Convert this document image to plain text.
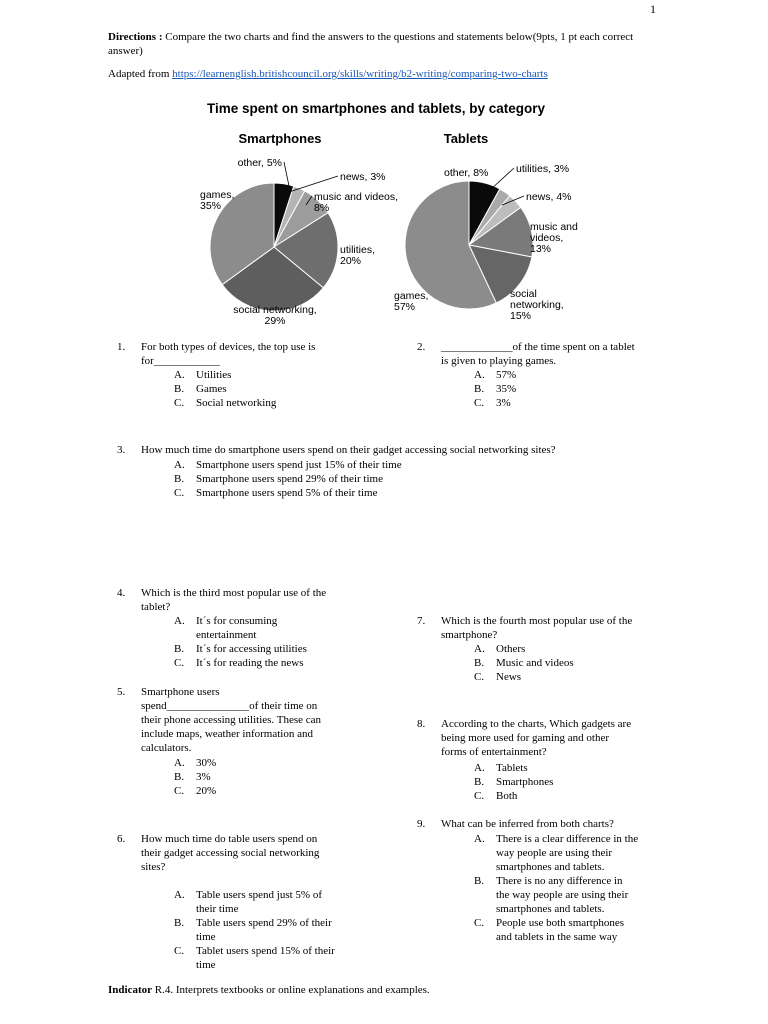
1
Directions : Compare the two charts and find the answers to the questions and statements below(9pts, 1 pt each correct answer)
Adapted from https://learnenglish.britishcouncil.org/skills/writing/b2-writing/comparing-two-charts
Time spent on smartphones and tablets, by category
Smartphones	Tablets
other, 5%
news, 3%
music and videos, 8%
utilities, 20%
social networking, 29%
games, 35%
other, 8%	utilities, 3%
news, 4%
music and videos, 13%
social networking, 15%
games, 57%
1. For both types of devices, the top use is
for____________
A. Utilities
B. Games
C. Social networking
2. _____________of the time spent on a tablet
is given to playing games.
A. 57%
B. 35%
C. 3%
3. How much time do smartphone users spend on their gadget accessing social networking sites?
A. Smartphone users spend just 15% of their time
B. Smartphone users spend 29% of their time
C. Smartphone users spend 5% of their time
4. Which is the third most popular use of the
tablet?
A. It´s for consuming
entertainment
B. It´s for accessing utilities
C. It´s for reading the news
5. Smartphone users
spend_______________of their time on
their phone accessing utilities. These can
include maps, weather information and
calculators.
A. 30%
B. 3%
C. 20%
6. How much time do table users spend on
their gadget accessing social networking
sites?
A. Table users spend just 5% of
their time
B. Table users spend 29% of their
time
C. Tablet users spend 15% of their
time
7. Which is the fourth most popular use of the
smartphone?
A. Others
B. Music and videos
C. News
8. According to the charts, Which gadgets are
being more used for gaming and other
forms of entertainment?
A. Tablets
B. Smartphones
C. Both
9. What can be inferred from both charts?
A. There is a clear difference in the
way people are using their
smartphones and tablets.
B. There is no any difference in
the way people are using their
smartphones and tablets.
C. People use both smartphones
and tablets in the same way
Indicator R.4. Interprets textbooks or online explanations and examples.
